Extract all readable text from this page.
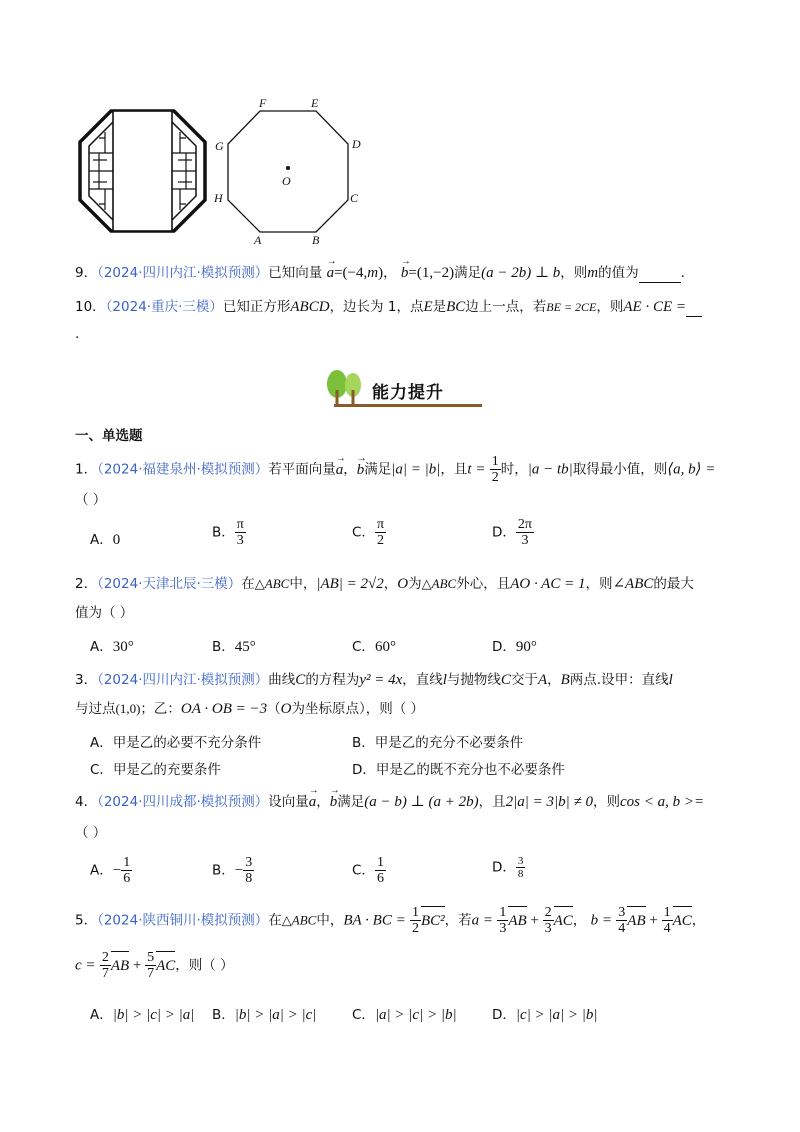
F	E
G	D
O
H	C
A	B
9．（2024·四川内江·模拟预测）已知向量 → a=(−4,m)， → b=(1,−2)满足(a − 2b) ⊥ b，则m的值为	.
10．（2024·重庆·三模）已知正方形ABCD，边长为 1，点E是BC边上一点，若BE = 2CE，则AE · CE =
.
能力提升
一、单选题
1．（2024·福建泉州·模拟预测）若平面向量→ a，→ b满足|a| = |b|，且$t = \frac{1}{2}$ 时，|a − tb|取得最小值，则⟨a, b⟩ =
（ ）
A．0	B． $\frac{\pi}{3}$	C． $\frac{\pi}{2}$	D． $\frac{2\pi}{3}$
2．（2024·天津北辰·三模）在△ABC中，|AB| = 2√2，O为△ABC外心，且AO · AC = 1，则∠ABC的最大
值为（ ）
A．30°	B．45°	C．60°	D．90°
3．（2024·四川内江·模拟预测）曲线C的方程为y² = 4x，直线l与抛物线C交于A，B两点.设甲：直线l
与过点(1,0)；乙：OA · OB = −3（O为坐标原点），则（ ）
A．甲是乙的必要不充分条件	B．甲是乙的充分不必要条件
C．甲是乙的充要条件	D．甲是乙的既不充分也不必要条件
4．（2024·四川成都·模拟预测）设向量→ a，→ b满足(a − b) ⊥ (a + 2b)，且2|a| = 3|b| ≠ 0，则cos < a, b >=
（ ）
A．− $\frac{1}{6}$	B．− $\frac{3}{8}$	C． $\frac{1}{6}$	D． $\frac{3}{8}$
5．（2024·陕西铜川·模拟预测）在△ABC中，BA · BC = $\frac{1}{2} BC^2$，若$a = \frac{1}{3}$ AB + $\frac{2}{3}$ AC， $b = \frac{3}{4}$ AB + $\frac{1}{4}$ AC，
$c = \frac{2}{7}$ AB + $\frac{5}{7}$ AC，则（ ）
A．|b| > |c| > |a| B．|b| > |a| > |c|	C．|a| > |c| > |b|	D．|c| > |a| > |b|
